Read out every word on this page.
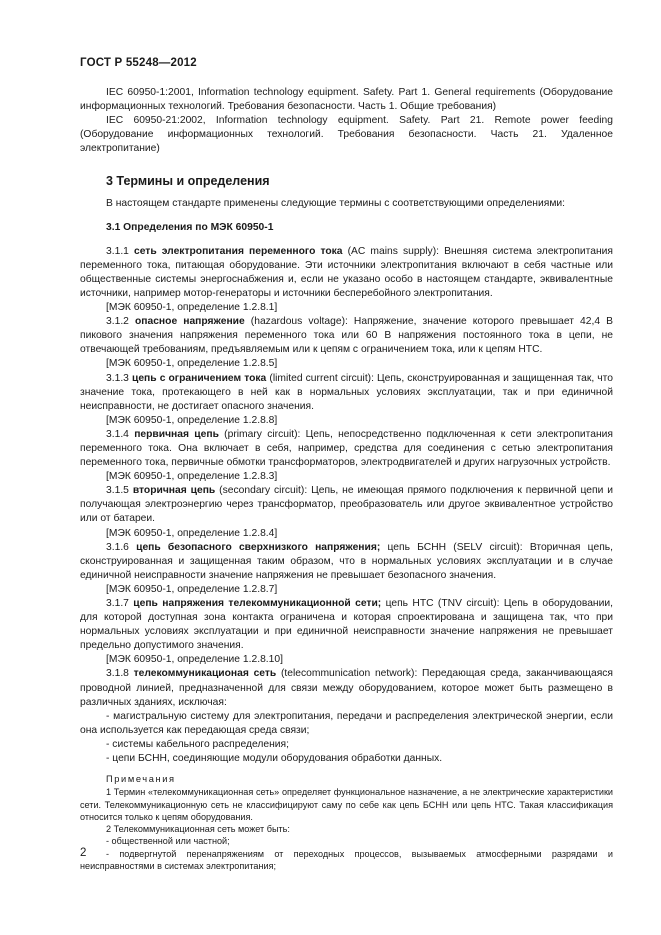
ГОСТ Р 55248—2012

IEC 60950-1:2001, Information technology equipment. Safety. Part 1. General requirements (Оборудование информационных технологий. Требования безопасности. Часть 1. Общие требования)

IEC 60950-21:2002, Information technology equipment. Safety. Part 21. Remote power feeding (Оборудование информационных технологий. Требования безопасности. Часть 21. Удаленное электропитание)

3 Термины и определения

В настоящем стандарте применены следующие термины с соответствующими определениями:

3.1 Определения по МЭК 60950-1

3.1.1 сеть электропитания переменного тока (AC mains supply): Внешняя система электропитания переменного тока, питающая оборудование. Эти источники электропитания включают в себя частные или общественные системы энергоснабжения и, если не указано особо в настоящем стандарте, эквивалентные источники, например мотор-генераторы и источники бесперебойного электропитания.

[МЭК 60950-1, определение 1.2.8.1]

3.1.2 опасное напряжение (hazardous voltage): Напряжение, значение которого превышает 42,4 В пикового значения напряжения переменного тока или 60 В напряжения постоянного тока в цепи, не отвечающей требованиям, предъявляемым или к цепям с ограничением тока, или к цепям НТС.

[МЭК 60950-1, определение 1.2.8.5]

3.1.3 цепь с ограничением тока (limited current circuit): Цепь, сконструированная и защищенная так, что значение тока, протекающего в ней как в нормальных условиях эксплуатации, так и при единичной неисправности, не достигает опасного значения.

[МЭК 60950-1, определение 1.2.8.8]

3.1.4 первичная цепь (primary circuit): Цепь, непосредственно подключенная к сети электропитания переменного тока. Она включает в себя, например, средства для соединения с сетью электропитания переменного тока, первичные обмотки трансформаторов, электродвигателей и других нагрузочных устройств.

[МЭК 60950-1, определение 1.2.8.3]

3.1.5 вторичная цепь (secondary circuit): Цепь, не имеющая прямого подключения к первичной цепи и получающая электроэнергию через трансформатор, преобразователь или другое эквивалентное устройство или от батареи.

[МЭК 60950-1, определение 1.2.8.4]

3.1.6 цепь безопасного сверхнизкого напряжения; цепь БСНН (SELV circuit): Вторичная цепь, сконструированная и защищенная таким образом, что в нормальных условиях эксплуатации и в случае единичной неисправности значение напряжения не превышает безопасного значения.

[МЭК 60950-1, определение 1.2.8.7]

3.1.7 цепь напряжения телекоммуникационной сети; цепь НТС (TNV circuit): Цепь в оборудовании, для которой доступная зона контакта ограничена и которая спроектирована и защищена так, что при нормальных условиях эксплуатации и при единичной неисправности значение напряжения не превышает предельно допустимого значения.

[МЭК 60950-1, определение 1.2.8.10]

3.1.8 телекоммуникационая сеть (telecommunication network): Передающая среда, заканчивающаяся проводной линией, предназначенной для связи между оборудованием, которое может быть размещено в различных зданиях, исключая:

- магистральную систему для электропитания, передачи и распределения электрической энергии, если она используется как передающая среда связи;

- системы кабельного распределения;

- цепи БСНН, соединяющие модули оборудования обработки данных.

Примечания

1 Термин «телекоммуникационная сеть» определяет функциональное назначение, а не электрические характеристики сети. Телекоммуникационную сеть не классифицируют саму по себе как цепь БСНН или цепь НТС. Такая классификация относится только к цепям оборудования.

2 Телекоммуникационная сеть может быть:

- общественной или частной;

- подвергнутой перенапряжениям от переходных процессов, вызываемых атмосферными разрядами и неисправностями в системах электропитания;

2
